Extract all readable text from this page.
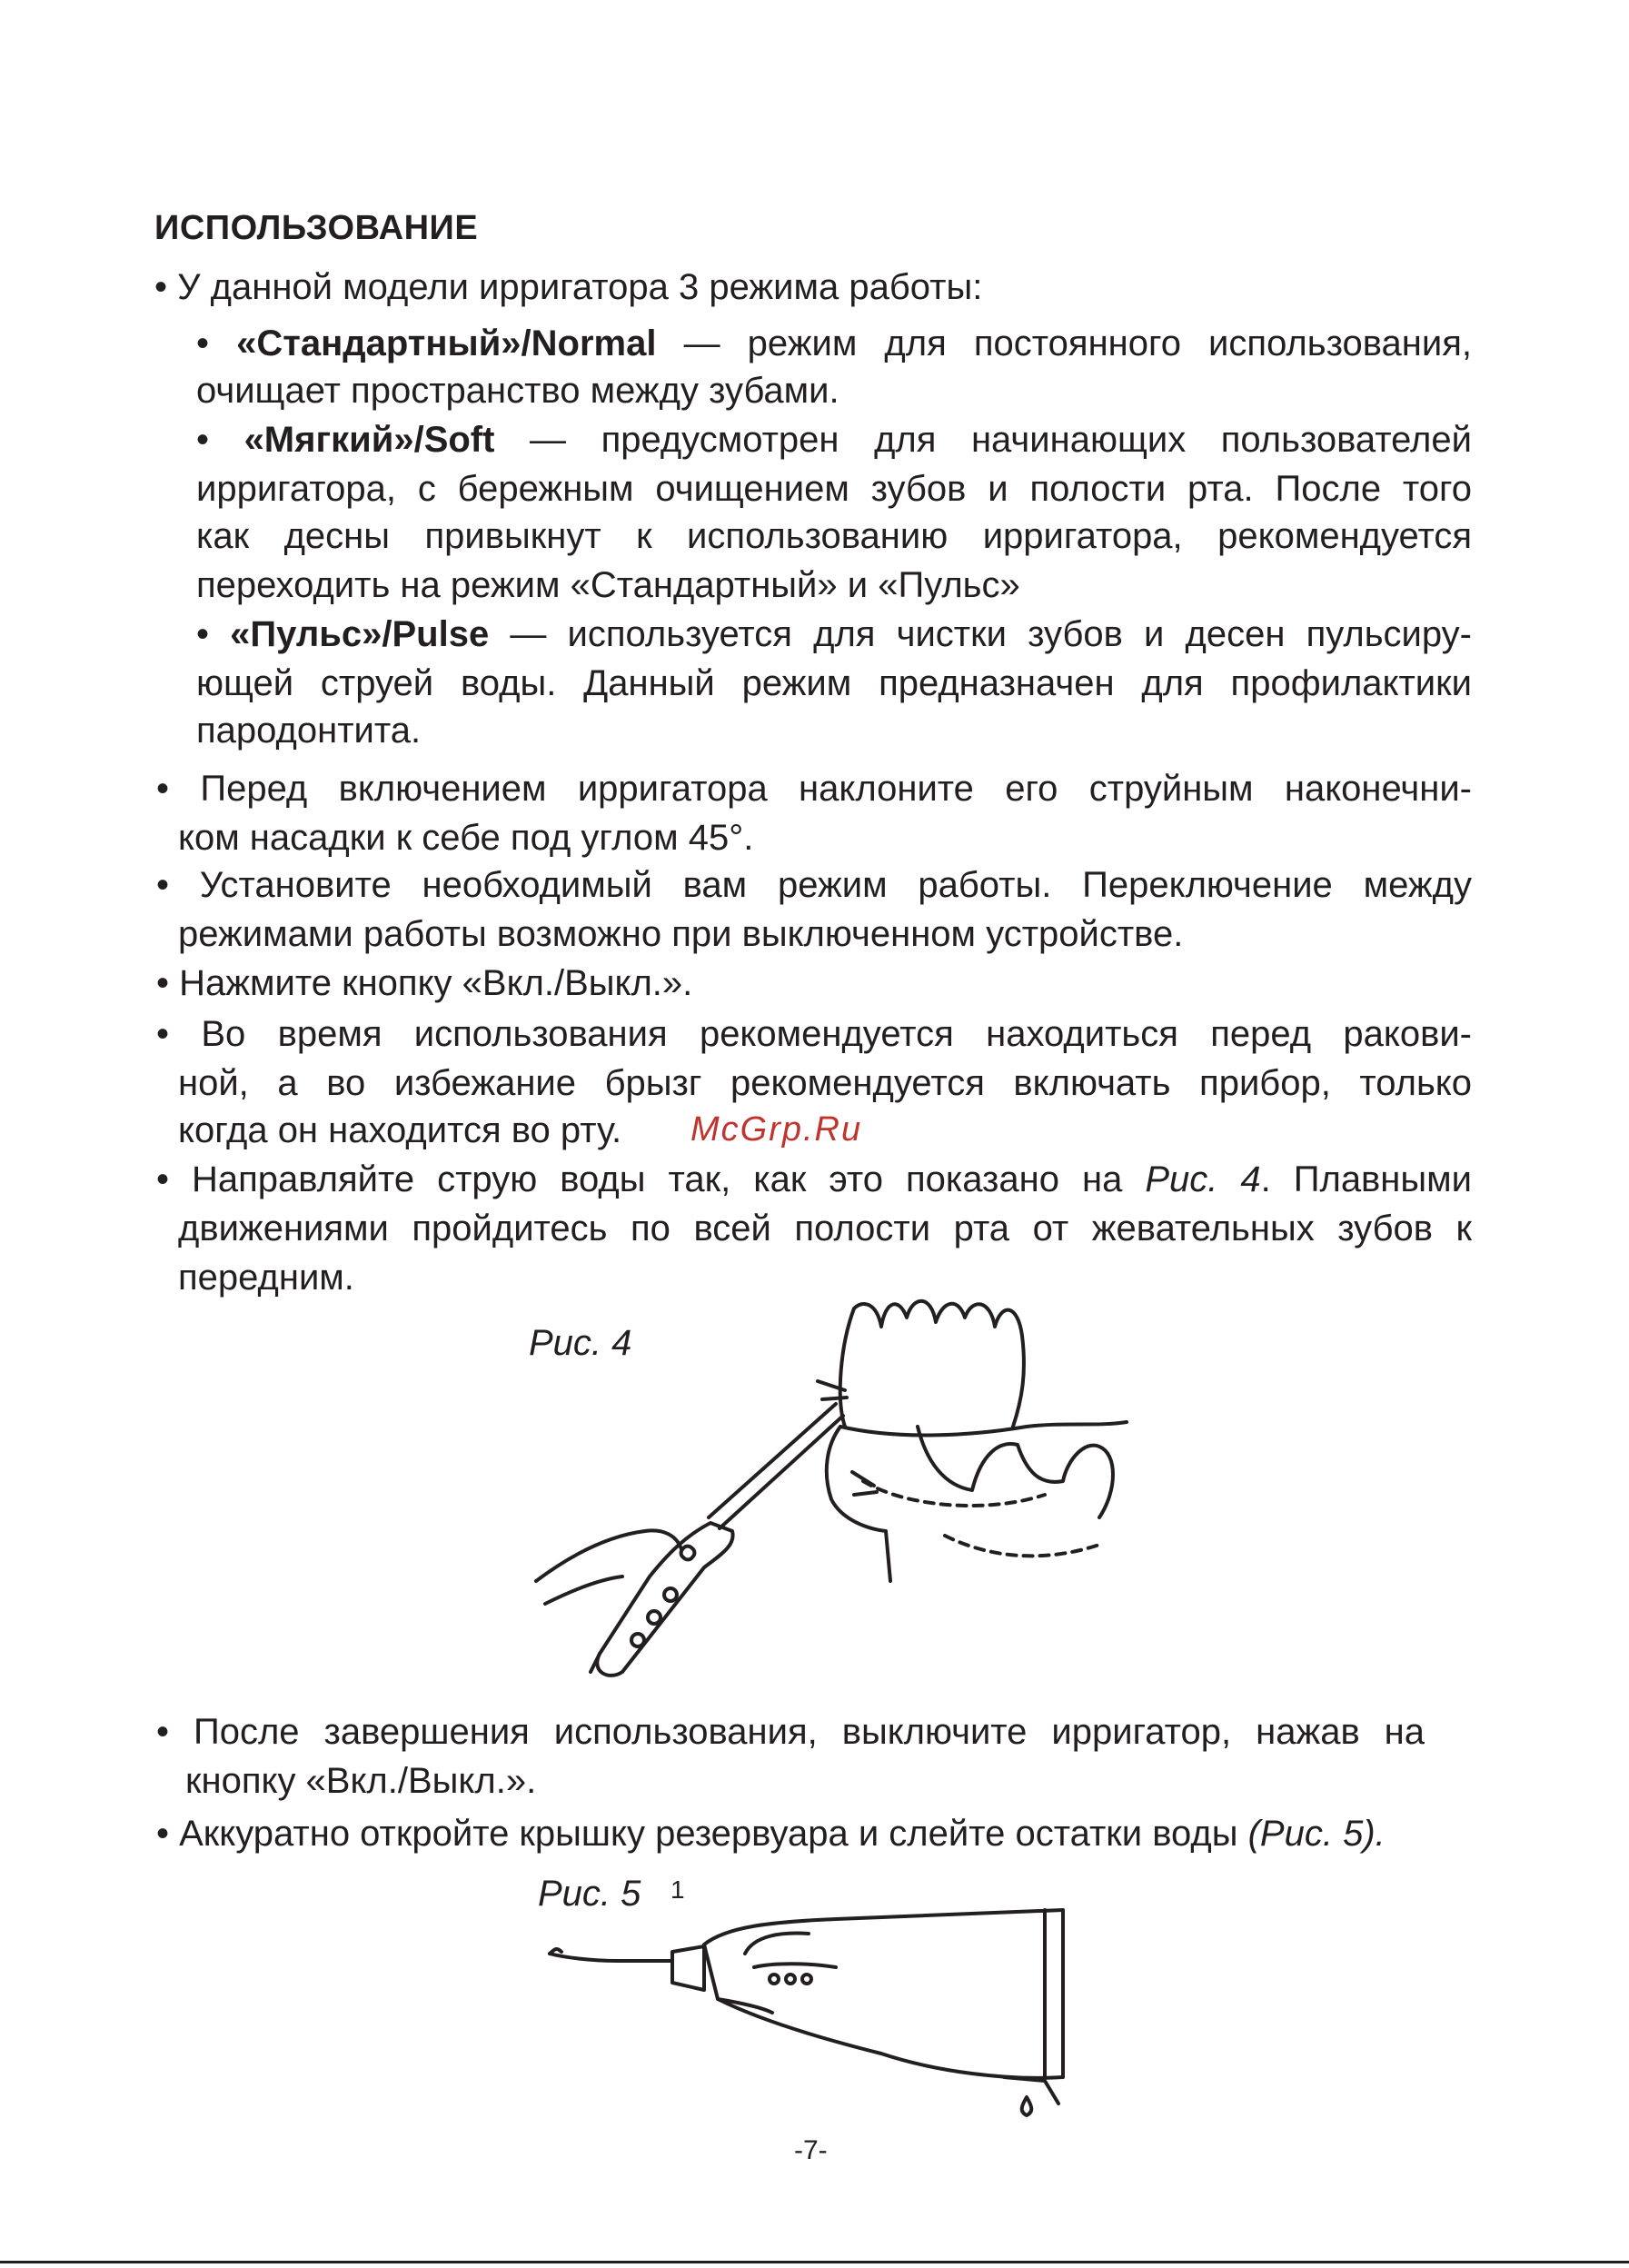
ИСПОЛЬЗОВАНИЕ
• У данной модели ирригатора 3 режима работы:
• «Стандартный»/Normal — режим для постоянного использования,
очищает пространство между зубами.
• «Мягкий»/Soft — предусмотрен для начинающих пользователей
ирригатора, с бережным очищением зубов и полости рта. После того
как десны привыкнут к использованию ирригатора, рекомендуется
переходить на режим «Стандартный» и «Пульс»
• «Пульс»/Pulse — используется для чистки зубов и десен пульсиру-
ющей струей воды. Данный режим предназначен для профилактики
пародонтита.
• Перед включением ирригатора наклоните его струйным наконечни-
ком насадки к себе под углом 45°.
• Установите необходимый вам режим работы. Переключение между
режимами работы возможно при выключенном устройстве.
• Нажмите кнопку «Вкл./Выкл.».
• Во время использования рекомендуется находиться перед ракови-
ной, а во избежание брызг рекомендуется включать прибор, только
когда он находится во рту. McGrp.Ru
• Направляйте струю воды так, как это показано на Рис. 4. Плавными
движениями пройдитесь по всей полости рта от жевательных зубов к
передним.
Рис. 4
• После завершения использования, выключите ирригатор, нажав на
кнопку «Вкл./Выкл.».
• Аккуратно откройте крышку резервуара и слейте остатки воды (Рис. 5).
Рис. 5 1
-7-
